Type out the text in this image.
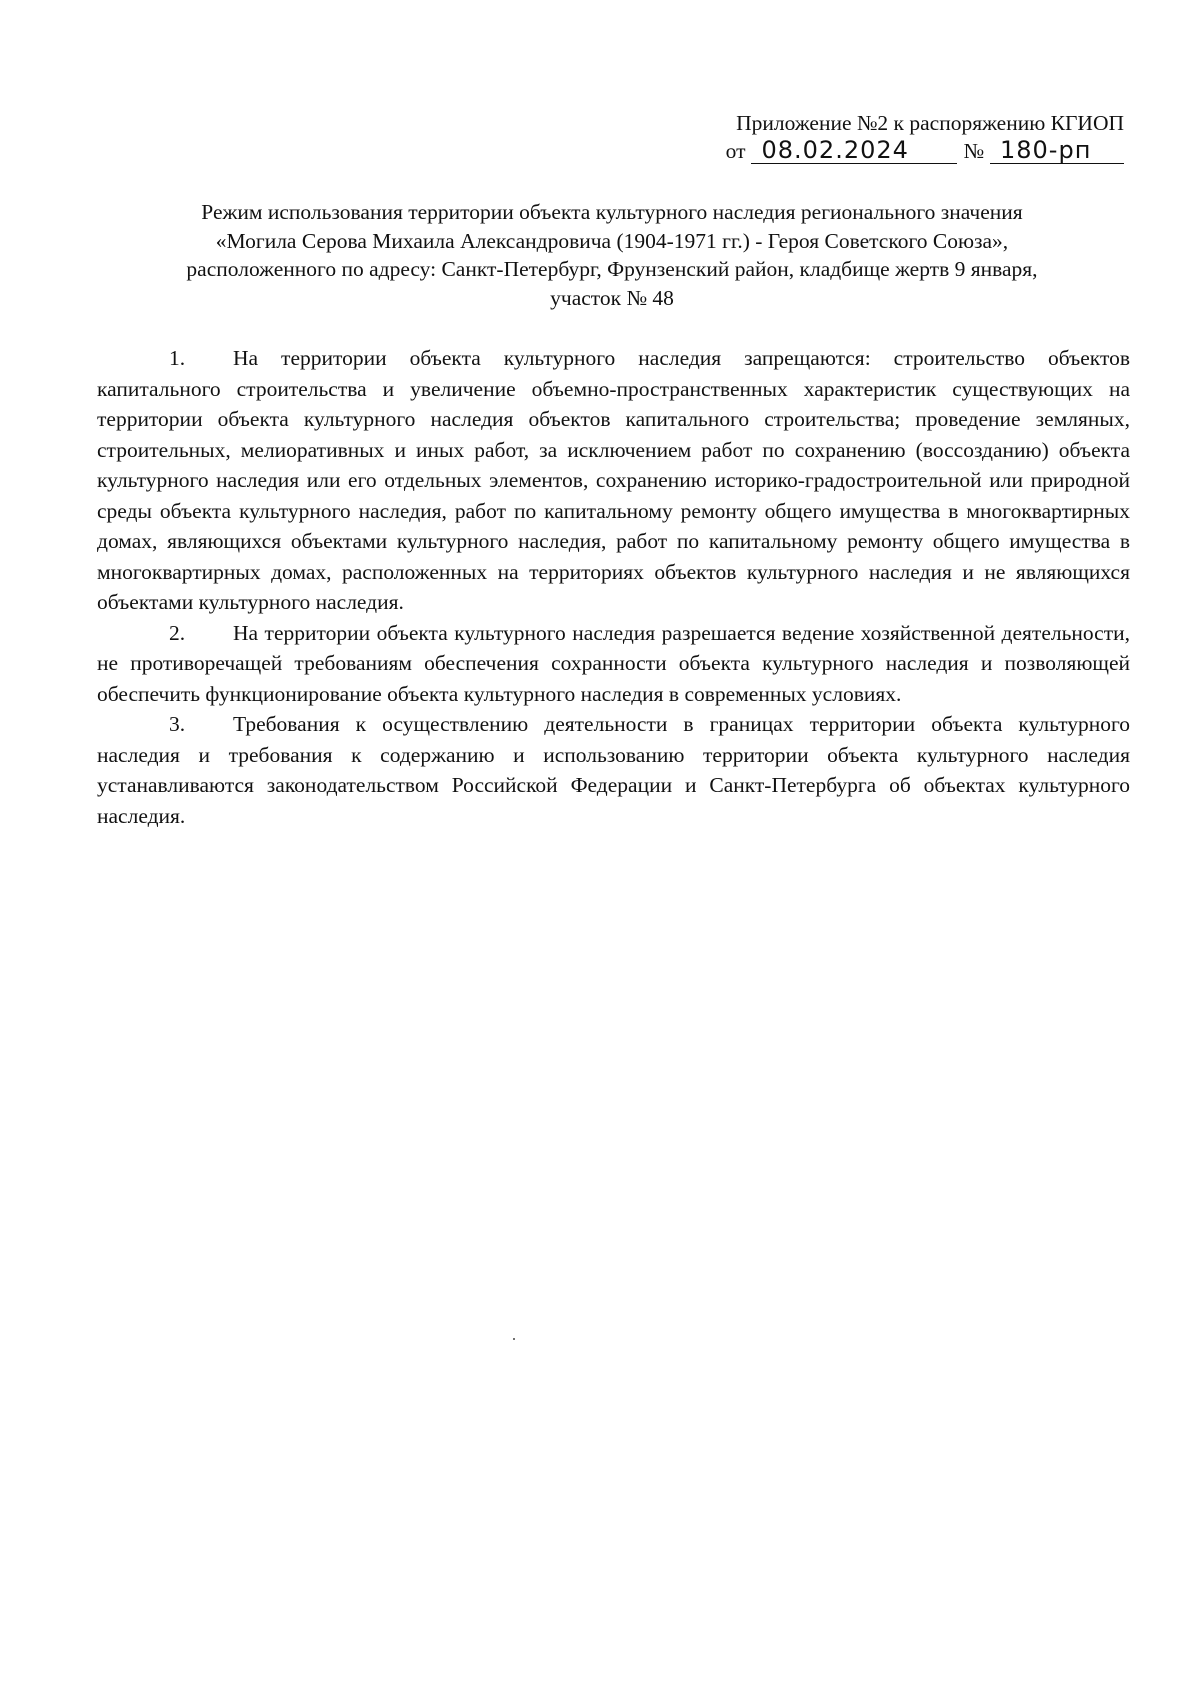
Приложение №2 к распоряжению КГИОП
от 08.02.2024	№ 180-рп
Режим использования территории объекта культурного наследия регионального значения
«Могила Серова Михаила Александровича (1904-1971 гг.) - Героя Советского Союза»,
расположенного по адресу: Санкт-Петербург, Фрунзенский район, кладбище жертв 9 января,
участок № 48

1. На территории объекта культурного наследия запрещаются: строительство объектов капитального строительства и увеличение объемно-пространственных характеристик существующих на территории объекта культурного наследия объектов капитального строительства; проведение земляных, строительных, мелиоративных и иных работ, за исключением работ по сохранению (воссозданию) объекта культурного наследия или его отдельных элементов, сохранению историко-градостроительной или природной среды объекта культурного наследия, работ по капитальному ремонту общего имущества в многоквартирных домах, являющихся объектами культурного наследия, работ по капитальному ремонту общего имущества в многоквартирных домах, расположенных на территориях объектов культурного наследия и не являющихся объектами культурного наследия.

2. На территории объекта культурного наследия разрешается ведение хозяйственной деятельности, не противоречащей требованиям обеспечения сохранности объекта культурного наследия и позволяющей обеспечить функционирование объекта культурного наследия в современных условиях.

3. Требования к осуществлению деятельности в границах территории объекта культурного наследия и требования к содержанию и использованию территории объекта культурного наследия устанавливаются законодательством Российской Федерации и Санкт-Петербурга об объектах культурного наследия.
